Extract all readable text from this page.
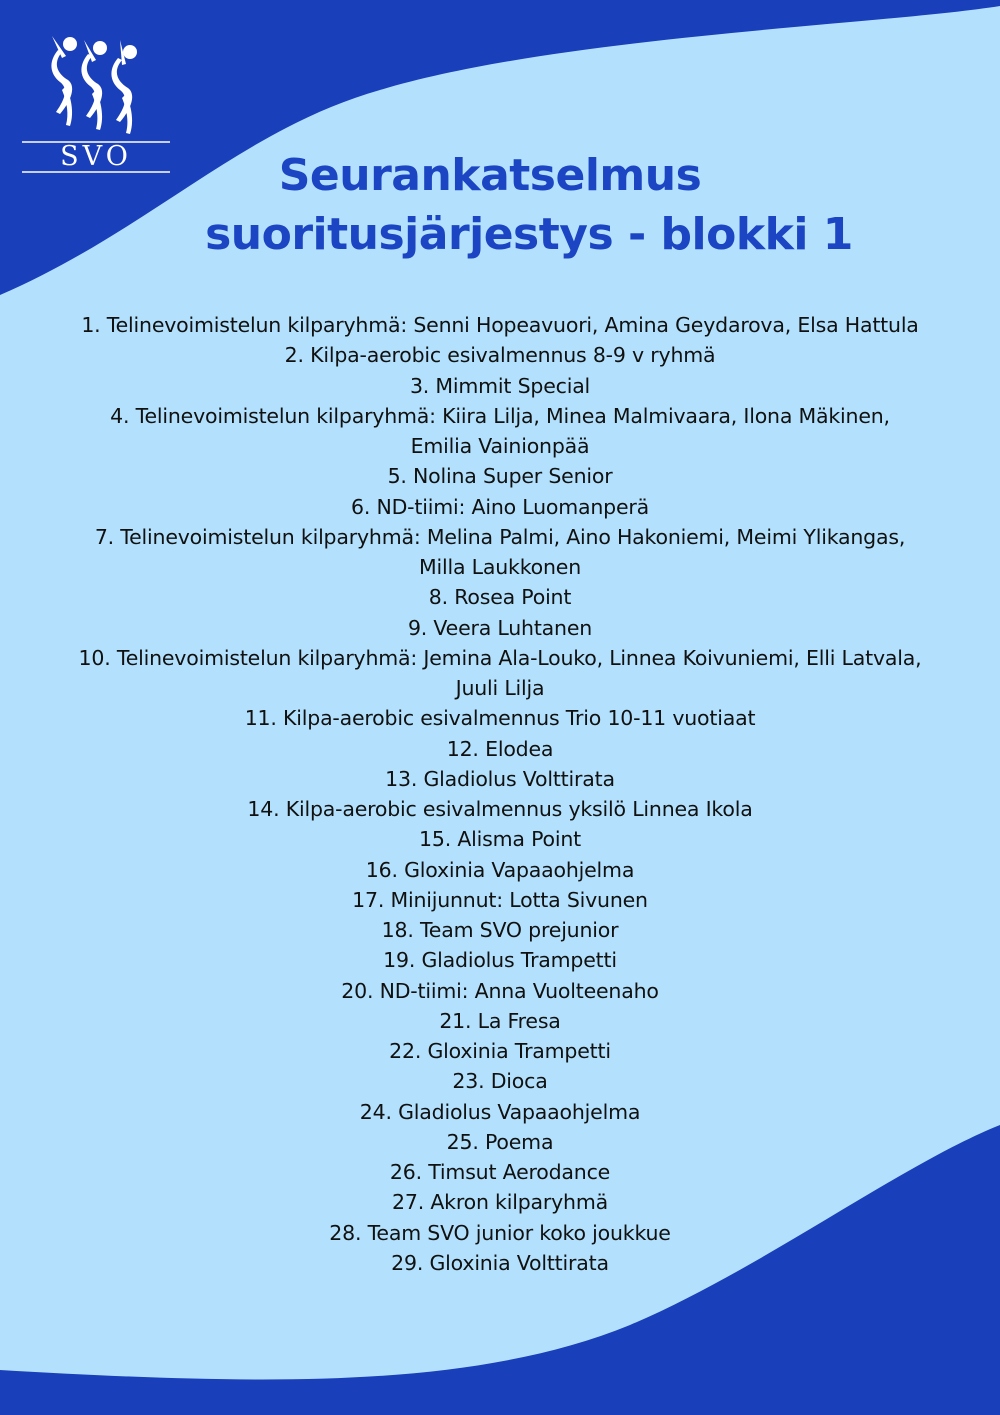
SVO	Seurankatselmus
suoritusjärjestys - blokki 1
1. Telinevoimistelun kilparyhmä: Senni Hopeavuori, Amina Geydarova, Elsa Hattula
2. Kilpa-aerobic esivalmennus 8-9 v ryhmä
3. Mimmit Special
4. Telinevoimistelun kilparyhmä: Kiira Lilja, Minea Malmivaara, Ilona Mäkinen, Emilia Vainionpää
5. Nolina Super Senior
6. ND-tiimi: Aino Luomanperä
7. Telinevoimistelun kilparyhmä: Melina Palmi, Aino Hakoniemi, Meimi Ylikangas, Milla Laukkonen
8. Rosea Point
9. Veera Luhtanen
10. Telinevoimistelun kilparyhmä: Jemina Ala-Louko, Linnea Koivuniemi, Elli Latvala, Juuli Lilja
11. Kilpa-aerobic esivalmennus Trio 10-11 vuotiaat
12. Elodea
13. Gladiolus Volttirata
14. Kilpa-aerobic esivalmennus yksilö Linnea Ikola
15. Alisma Point
16. Gloxinia Vapaaohjelma
17. Minijunnut: Lotta Sivunen
18. Team SVO prejunior
19. Gladiolus Trampetti
20. ND-tiimi: Anna Vuolteenaho
21. La Fresa
22. Gloxinia Trampetti
23. Dioca
24. Gladiolus Vapaaohjelma
25. Poema
26. Timsut Aerodance
27. Akron kilparyhmä
28. Team SVO junior koko joukkue
29. Gloxinia Volttirata
